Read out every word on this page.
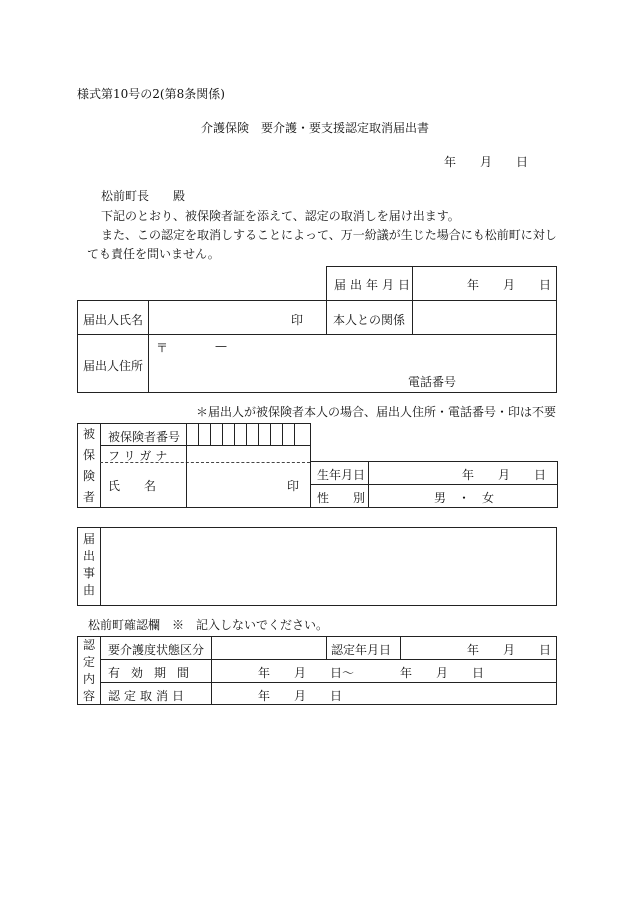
様式第10号の2(第8条関係)
介護保険　要介護・要支援認定取消届出書
年　　月　　日
松前町長　　殿
下記のとおり、被保険者証を添えて、認定の取消しを届け出ます。
また、この認定を取消しすることによって、万一紛議が生じた場合にも松前町に対し
ても責任を問いません。
届出年月日	年　　月　　日
届出人氏名	印 本人との関係
届出人住所
〒	—
電話番号
＊届出人が被保険者本人の場合、届出人住所・電話番号・印は不要
被保険者
被保険者番号
フリガナ
氏　　名	印
生年月日	年　　月　　日
性　　別	男　・　女
届出事由
松前町確認欄　※　記入しないでください。
認定内容
要介護度状態区分	認定年月日	年　　月　　日
有効期間	年　　月　　日～	年　　月　　日
認定取消日	年　　月　　日
